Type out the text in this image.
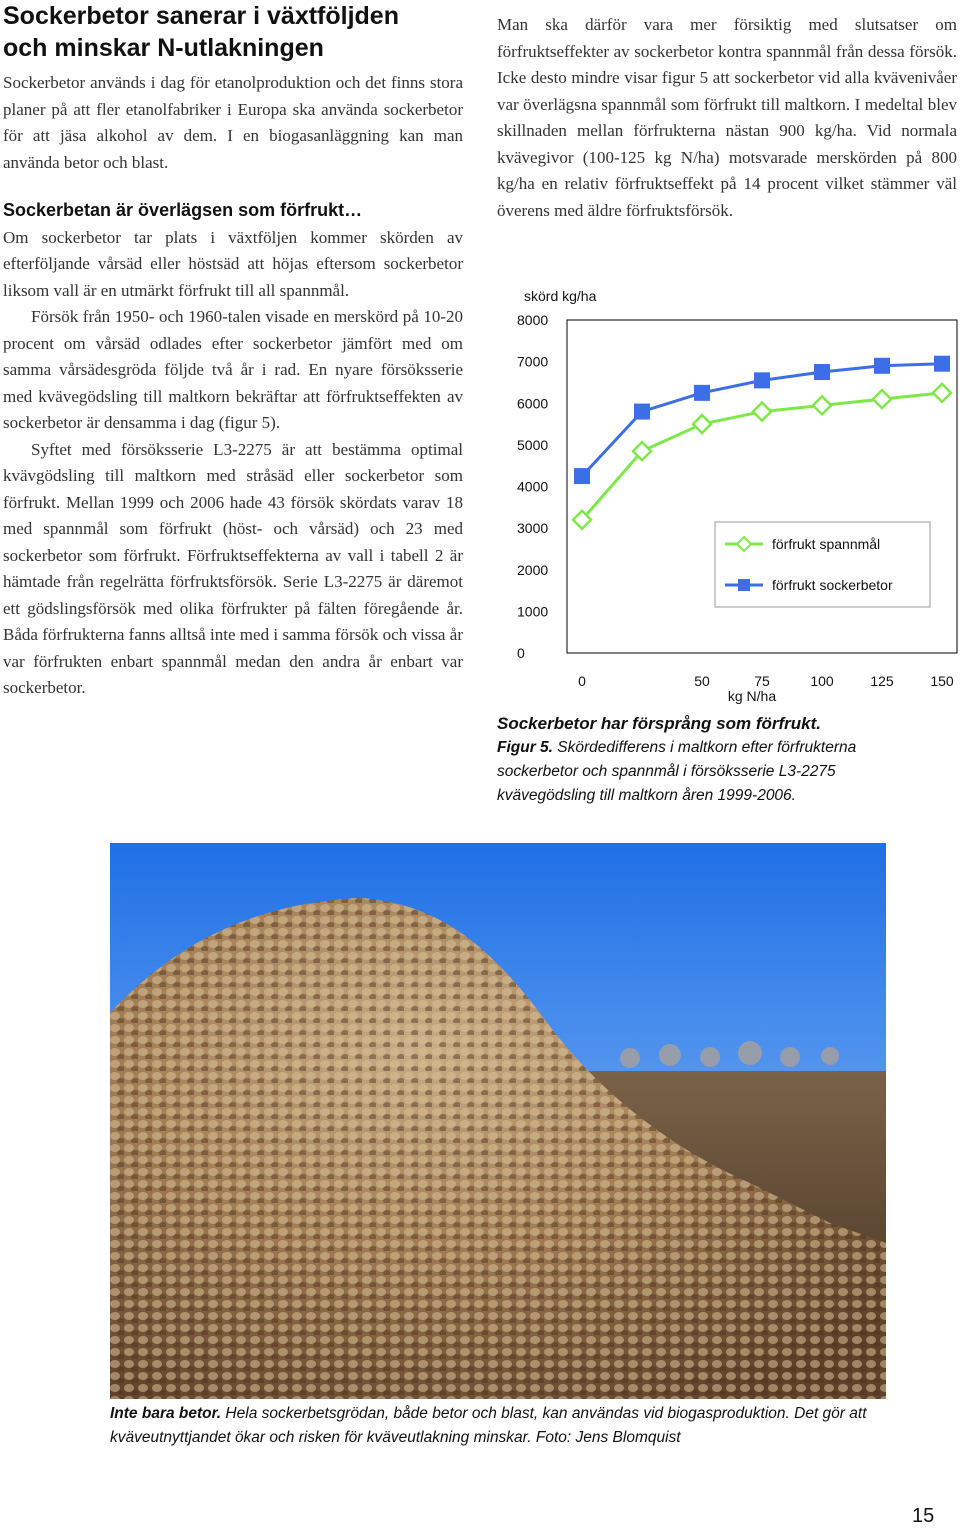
Sockerbetor sanerar i växtföljden
och minskar N-utlakningen

Sockerbetor används i dag för etanolproduktion och det finns stora planer på att fler etanolfabriker i Europa ska använda sockerbetor för att jäsa alkohol av dem. I en biogasanläggning kan man använda betor och blast.

Sockerbetan är överlägsen som förfrukt…
Om sockerbetor tar plats i växtföljen kommer skörden av efterföljande vårsäd eller höstsäd att höjas eftersom sockerbetor liksom vall är en utmärkt förfrukt till all spannmål.
Försök från 1950- och 1960-talen visade en merskörd på 10-20 procent om vårsäd odlades efter sockerbetor jämfört med om samma vårsädesgröda följde två år i rad. En nyare försöksserie med kvävegödsling till maltkorn bekräftar att förfruktseffekten av sockerbetor är densamma i dag (figur 5).
Syftet med försöksserie L3-2275 är att bestämma optimal kvävgödsling till maltkorn med stråsäd eller sockerbetor som förfrukt. Mellan 1999 och 2006 hade 43 försök skördats varav 18 med spannmål som förfrukt (höst- och vårsäd) och 23 med sockerbetor som förfrukt. Förfruktseffekterna av vall i tabell 2 är hämtade från regelrätta förfruktsförsök. Serie L3-2275 är däremot ett gödslingsförsök med olika förfrukter på fälten föregående år. Båda förfrukterna fanns alltså inte med i samma försök och vissa år var förfrukten enbart spannmål medan den andra år enbart var sockerbetor.

Man ska därför vara mer försiktig med slutsatser om förfruktseffekter av sockerbetor kontra spannmål från dessa försök. Icke desto mindre visar figur 5 att sockerbetor vid alla kvävenivåer var överlägsna spannmål som förfrukt till maltkorn. I medeltal blev skillnaden mellan förfrukterna nästan 900 kg/ha. Vid normala kvävegivor (100-125 kg N/ha) motsvarade merskörden på 800 kg/ha en relativ förfruktseffekt på 14 procent vilket stämmer väl överens med äldre förfruktsförsök.

skörd kg/ha
0
1000
2000
3000
4000
5000
6000
7000
8000
0	50	75	100	125	150
kg N/ha
förfrukt spannmål
förfrukt sockerbetor
Sockerbetor har försprång som förfrukt.
Figur 5. Skördedifferens i maltkorn efter förfrukterna sockerbetor och spannmål i försöksserie L3-2275 kvävegödsling till maltkorn åren 1999-2006.
Inte bara betor. Hela sockerbetsgrödan, både betor och blast, kan användas vid biogasproduktion. Det gör att kväveutnyttjandet ökar och risken för kväveutlakning minskar. Foto: Jens Blomquist
15
